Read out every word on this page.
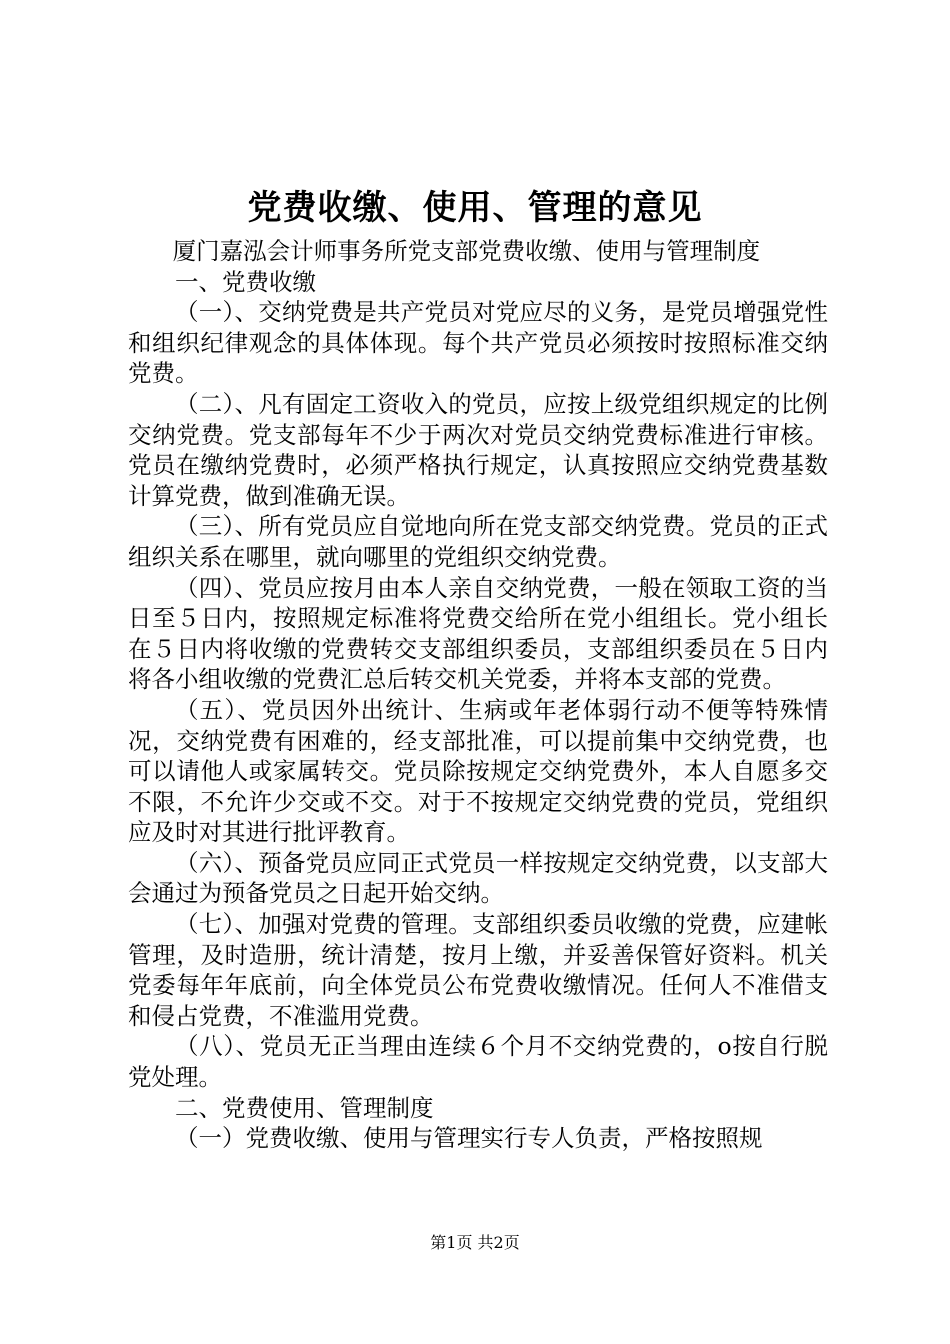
党费收缴、使用、管理的意见

厦门嘉泓会计师事务所党支部党费收缴、使用与管理制度

一、党费收缴

（一）、交纳党费是共产党员对党应尽的义务，是党员增强党性和组织纪律观念的具体体现。每个共产党员必须按时按照标准交纳党费。

（二）、凡有固定工资收入的党员，应按上级党组织规定的比例交纳党费。党支部每年不少于两次对党员交纳党费标准进行审核。党员在缴纳党费时，必须严格执行规定，认真按照应交纳党费基数计算党费，做到准确无误。

（三）、所有党员应自觉地向所在党支部交纳党费。党员的正式组织关系在哪里，就向哪里的党组织交纳党费。

（四）、党员应按月由本人亲自交纳党费，一般在领取工资的当日至５日内，按照规定标准将党费交给所在党小组组长。党小组长在５日内将收缴的党费转交支部组织委员，支部组织委员在５日内将各小组收缴的党费汇总后转交机关党委，并将本支部的党费。

（五）、党员因外出统计、生病或年老体弱行动不便等特殊情况，交纳党费有困难的，经支部批准，可以提前集中交纳党费，也可以请他人或家属转交。党员除按规定交纳党费外，本人自愿多交不限，不允许少交或不交。对于不按规定交纳党费的党员，党组织应及时对其进行批评教育。

（六）、预备党员应同正式党员一样按规定交纳党费，以支部大会通过为预备党员之日起开始交纳。

（七）、加强对党费的管理。支部组织委员收缴的党费，应建帐管理，及时造册，统计清楚，按月上缴，并妥善保管好资料。机关党委每年年底前，向全体党员公布党费收缴情况。任何人不准借支和侵占党费，不准滥用党费。

（八）、党员无正当理由连续６个月不交纳党费的，o按自行脱党处理。

二、党费使用、管理制度

（一）党费收缴、使用与管理实行专人负责，严格按照规

第1页 共2页
